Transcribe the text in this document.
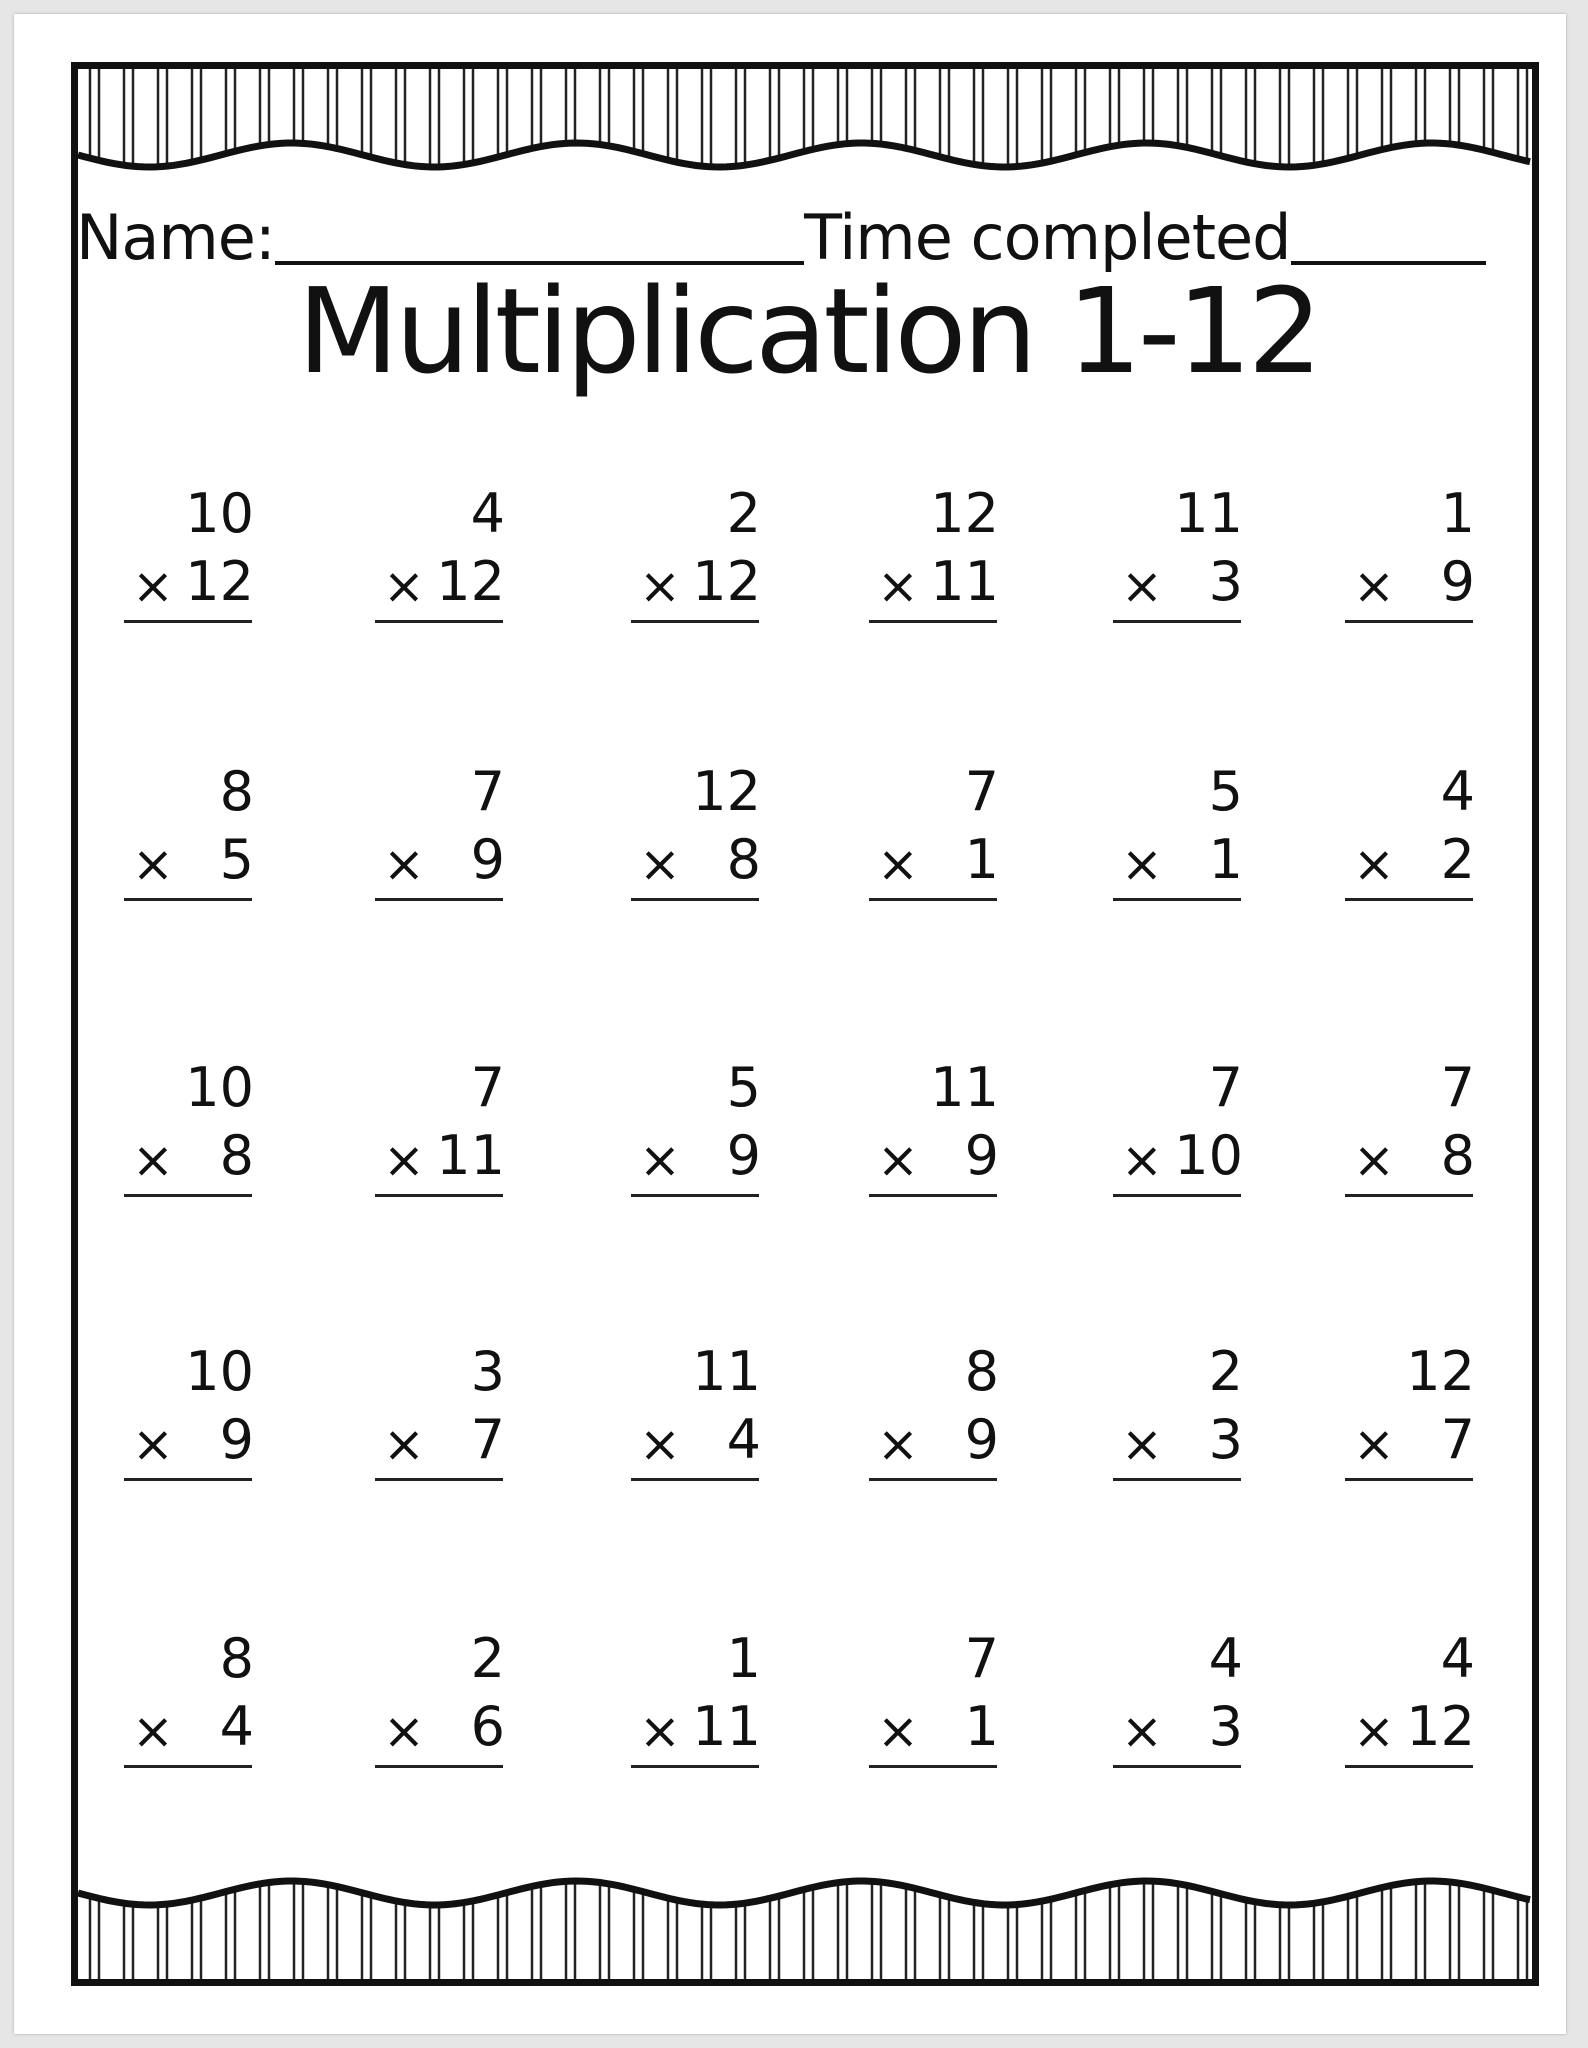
Name:	Time completed
Multiplication 1-12
10
× 12
4
× 12
2
× 12
12
× 11
11
× 3
1
× 9
8
× 5
7
× 9
12
× 8
7
× 1
5
× 1
4
× 2
10
× 8
7
× 11
5
× 9
11
× 9
7
× 10
7
× 8
10
× 9
3
× 7
11
× 4
8
× 9
2
× 3
12
× 7
8
× 4
2
× 6
1
× 11
7
× 1
4
× 3
4
× 12
